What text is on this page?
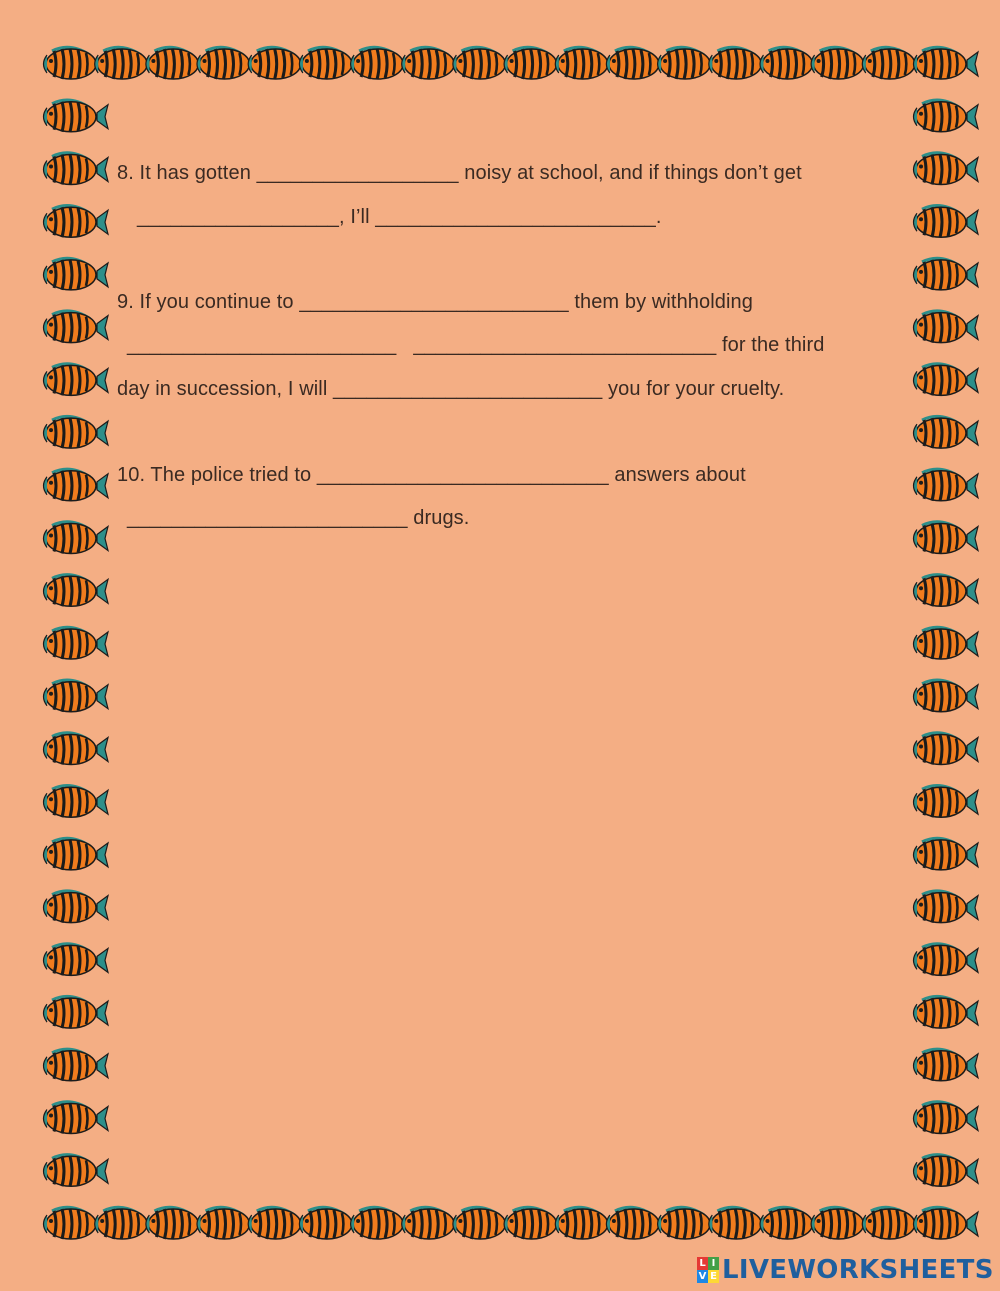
8. It has gotten __________________ noisy at school, and if things don’t get
__________________, I’ll _________________________.
9. If you continue to ________________________ them by withholding
________________________   ___________________________ for the third
day in succession, I will ________________________ you for your cruelty.
10. The police tried to __________________________ answers about
_________________________ drugs.
L I
V E LIVEWORKSHEETS
